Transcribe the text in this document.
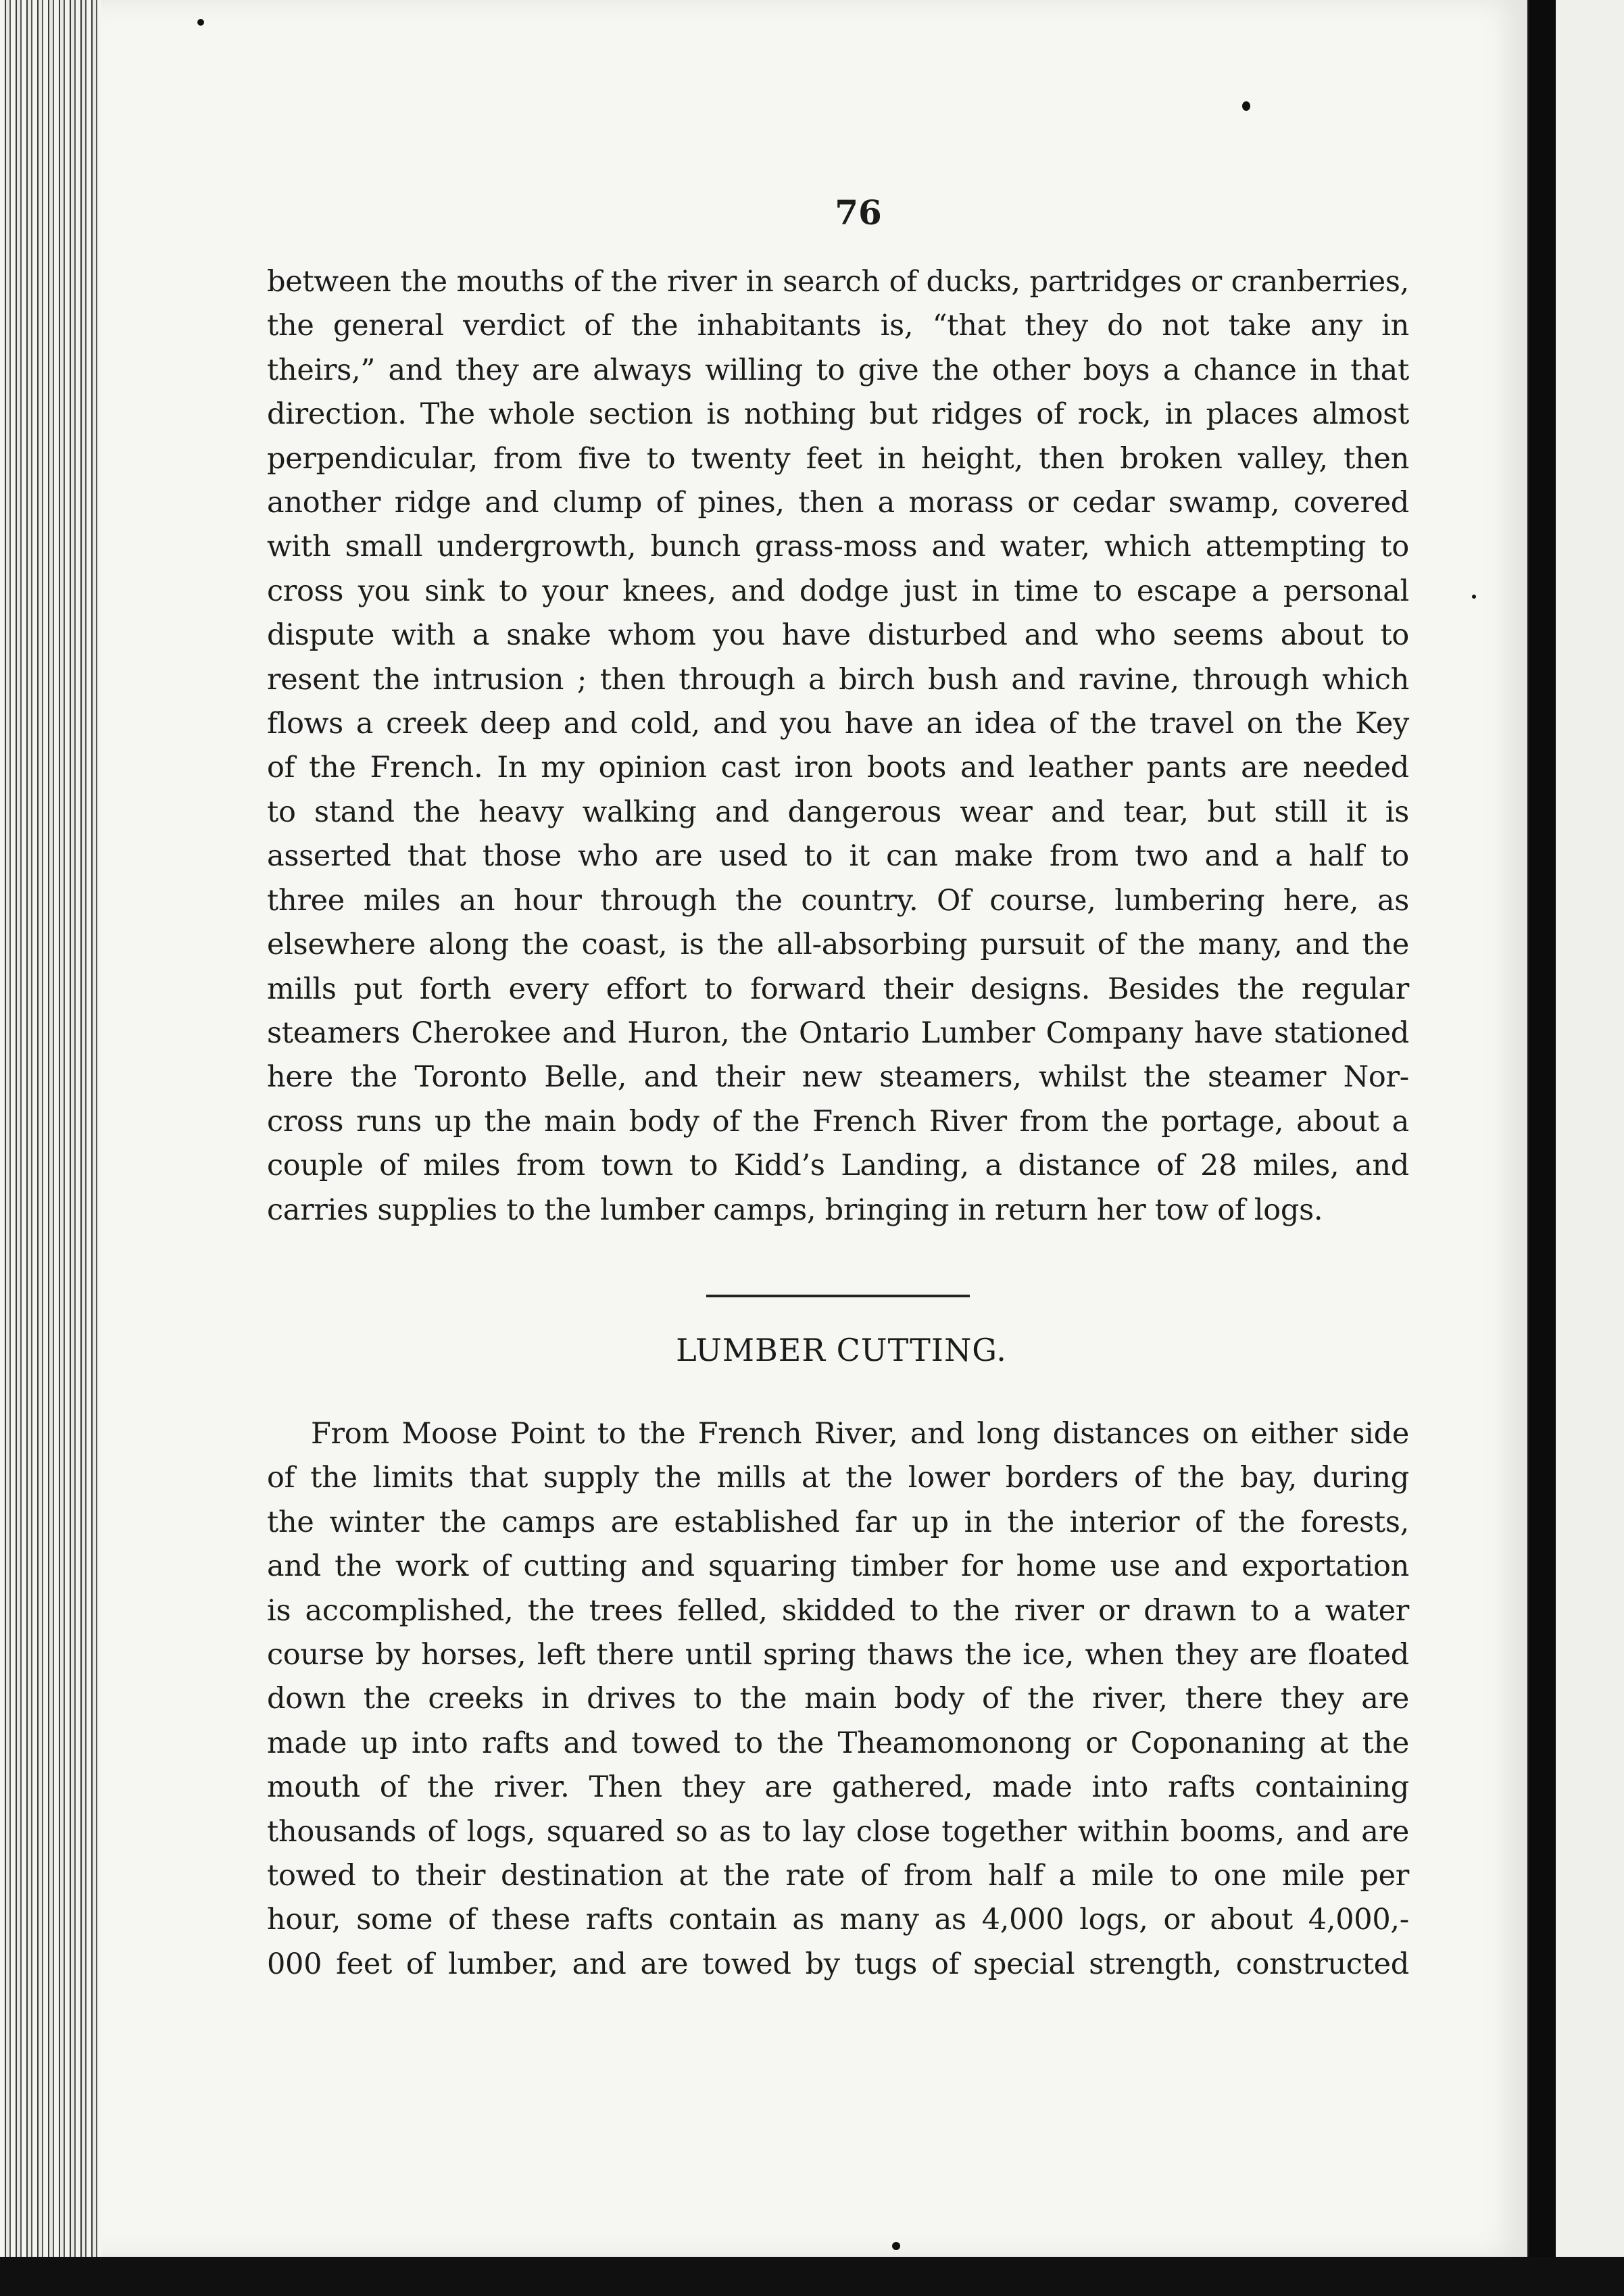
76
between the mouths of the river in search of ducks, partridges or cranberries,
the general verdict of the inhabitants is, “that they do not take any in
theirs,” and they are always willing to give the other boys a chance in that
direction. The whole section is nothing but ridges of rock, in places almost
perpendicular, from five to twenty feet in height, then broken valley, then
another ridge and clump of pines, then a morass or cedar swamp, covered
with small undergrowth, bunch grass-moss and water, which attempting to
cross you sink to your knees, and dodge just in time to escape a personal
dispute with a snake whom you have disturbed and who seems about to
resent the intrusion ; then through a birch bush and ravine, through which
flows a creek deep and cold, and you have an idea of the travel on the Key
of the French. In my opinion cast iron boots and leather pants are needed
to stand the heavy walking and dangerous wear and tear, but still it is
asserted that those who are used to it can make from two and a half to
three miles an hour through the country. Of course, lumbering here, as
elsewhere along the coast, is the all-absorbing pursuit of the many, and the
mills put forth every effort to forward their designs. Besides the regular
steamers Cherokee and Huron, the Ontario Lumber Company have stationed
here the Toronto Belle, and their new steamers, whilst the steamer Nor-
cross runs up the main body of the French River from the portage, about a
couple of miles from town to Kidd’s Landing, a distance of 28 miles, and
carries supplies to the lumber camps, bringing in return her tow of logs.
LUMBER CUTTING.
From Moose Point to the French River, and long distances on either side
of the limits that supply the mills at the lower borders of the bay, during
the winter the camps are established far up in the interior of the forests,
and the work of cutting and squaring timber for home use and exportation
is accomplished, the trees felled, skidded to the river or drawn to a water
course by horses, left there until spring thaws the ice, when they are floated
down the creeks in drives to the main body of the river, there they are
made up into rafts and towed to the Theamomonong or Coponaning at the
mouth of the river. Then they are gathered, made into rafts containing
thousands of logs, squared so as to lay close together within booms, and are
towed to their destination at the rate of from half a mile to one mile per
hour, some of these rafts contain as many as 4,000 logs, or about 4,000,-
000 feet of lumber, and are towed by tugs of special strength, constructed
